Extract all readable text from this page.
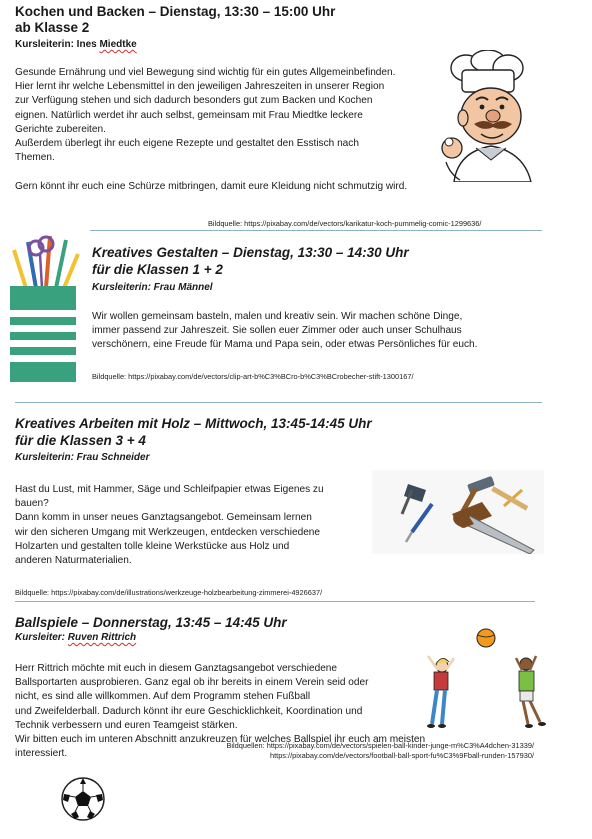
Kochen und Backen – Dienstag, 13:30 – 15:00 Uhr
ab Klasse 2
Kursleiterin: Ines Miedtke
Gesunde Ernährung und viel Bewegung sind wichtig für ein gutes Allgemeinbefinden.
Hier lernt ihr welche Lebensmittel in den jeweiligen Jahreszeiten in unserer Region
zur Verfügung stehen und sich dadurch besonders gut zum Backen und Kochen
eignen. Natürlich werdet ihr auch selbst, gemeinsam mit Frau Miedtke leckere
Gerichte zubereiten.
Außerdem überlegt ihr euch eigene Rezepte und gestaltet den Esstisch nach
Themen.

Gern könnt ihr euch eine Schürze mitbringen, damit eure Kleidung nicht schmutzig wird.
Bildquelle: https://pixabay.com/de/vectors/karikatur-koch-pummelig-comic-1299636/
Kreatives Gestalten – Dienstag, 13:30 – 14:30 Uhr
für die Klassen 1 + 2
Kursleiterin: Frau Männel
Wir wollen gemeinsam basteln, malen und kreativ sein. Wir machen schöne Dinge,
immer passend zur Jahreszeit. Sie sollen euer Zimmer oder auch unser Schulhaus
verschönern, eine Freude für Mama und Papa sein, oder etwas Persönliches für euch.
Bildquelle: https://pixabay.com/de/vectors/clip-art-b%C3%BCro-b%C3%BCrobecher-stift-1300167/
Kreatives Arbeiten mit Holz – Mittwoch, 13:45-14:45 Uhr
für die Klassen 3 + 4
Kursleiterin: Frau Schneider
Hast du Lust, mit Hammer, Säge und Schleifpapier etwas Eigenes zu
bauen?
Dann komm in unser neues Ganztagsangebot. Gemeinsam lernen
wir den sicheren Umgang mit Werkzeugen, entdecken verschiedene
Holzarten und gestalten tolle kleine Werkstücke aus Holz und
anderen Naturmaterialien.
Bildquelle: https://pixabay.com/de/illustrations/werkzeuge-holzbearbeitung-zimmerei-4926637/
Ballspiele – Donnerstag, 13:45 – 14:45 Uhr
Kursleiter: Ruven Rittrich
Herr Rittrich möchte mit euch in diesem Ganztagsangebot verschiedene
Ballsportarten ausprobieren. Ganz egal ob ihr bereits in einem Verein seid oder
nicht, es sind alle willkommen. Auf dem Programm stehen Fußball
und Zweifelderball. Dadurch könnt ihr eure Geschicklichkeit, Koordination und
Technik verbessern und euren Teamgeist stärken.
Wir bitten euch im unteren Abschnitt anzukreuzen für welches Ballspiel ihr euch am meisten
interessiert.
Bildquellen: https://pixabay.com/de/vectors/spielen-ball-kinder-junge-m%C3%A4dchen-31339/
https://pixabay.com/de/vectors/football-ball-sport-fu%C3%9Fball-runden-157930/
